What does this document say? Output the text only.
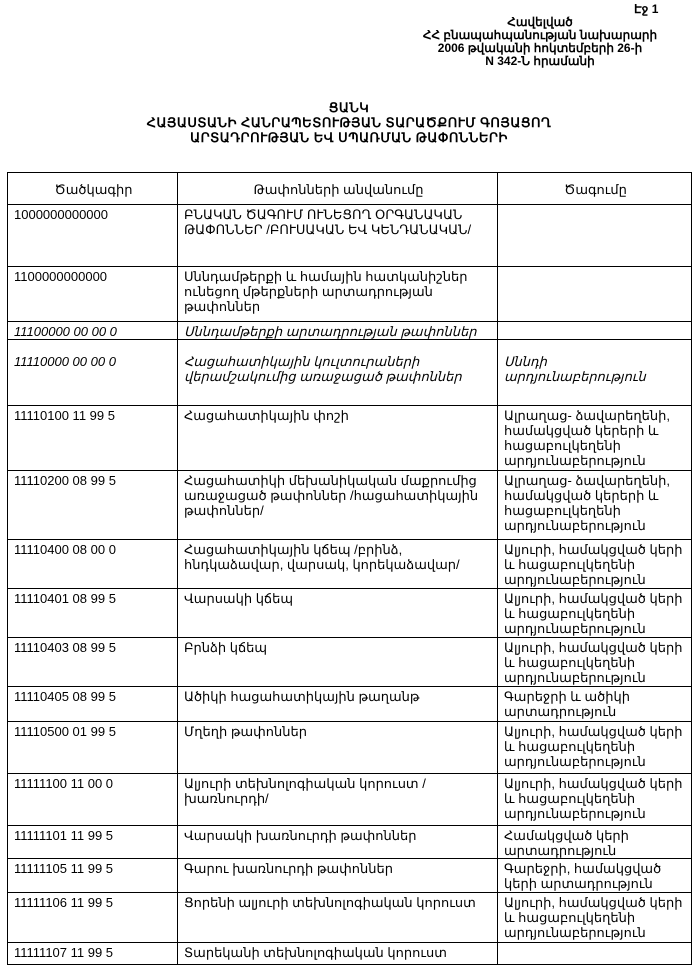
Էջ 1
Հավելված
ՀՀ բնապահպանության նախարարի
2006 թվականի հոկտեմբերի 26-ի
N 342-Ն հրամանի
ՑԱՆԿ
ՀԱՅԱՍՏԱՆԻ ՀԱՆՐԱՊԵՏՈՒԹՅԱՆ ՏԱՐԱԾՔՈՒՄ ԳՈՅԱՑՈՂ
ԱՐՏԱԴՐՈՒԹՅԱՆ ԵՎ ՍՊԱՌՄԱՆ ԹԱՓՈՆՆԵՐԻ
Ծածկագիր	Թափոնների անվանումը	Ծագումը
1000000000000	ԲՆԱԿԱՆ ԾԱԳՈՒՄ ՈՒՆԵՑՈՂ ՕՐԳԱՆԱԿԱՆ ԹԱՓՈՆՆԵՐ /ԲՈՒՍԱԿԱՆ ԵՎ ԿԵՆԴԱՆԱԿԱՆ/	
1100000000000	Սննդամթերքի և համային հատկանիշներ ունեցող մթերքների արտադրության թափոններ	
11100000 00 00 0	Սննդամթերքի արտադրության թափոններ	
11110000 00 00 0	Հացահատիկային կուլտուրաների վերամշակումից առաջացած թափոններ	Սննդի արդյունաբերություն
11110100 11 99 5	Հացահատիկային փոշի	Ալրաղաց- ձավարեղենի, համակցված կերերի և հացաբուլկեղենի արդյունաբերություն
11110200 08 99 5	Հացահատիկի մեխանիկական մաքրումից առաջացած թափոններ /հացահատիկային թափոններ/	Ալրաղաց- ձավարեղենի, համակցված կերերի և հացաբուլկեղենի արդյունաբերություն
11110400 08 00 0	Հացահատիկային կճեպ /բրինձ, հնդկաձավար, վարսակ, կորեկաձավար/	Ալյուրի, համակցված կերի և հացաբուլկեղենի արդյունաբերություն
11110401 08 99 5	Վարսակի կճեպ	Ալյուրի, համակցված կերի և հացաբուլկեղենի արդյունաբերություն
11110403 08 99 5	Բրնձի կճեպ	Ալյուրի, համակցված կերի և հացաբուլկեղենի արդյունաբերություն
11110405 08 99 5	Ածիկի հացահատիկային թաղանթ	Գարեջրի և ածիկի արտադրություն
11110500 01 99 5	Մղեղի թափոններ	Ալյուրի, համակցված կերի և հացաբուլկեղենի արդյունաբերություն
11111100 11 00 0	Ալյուրի տեխնոլոգիական կորուստ /խառնուրդի/	Ալյուրի, համակցված կերի և հացաբուլկեղենի արդյունաբերություն
11111101 11 99 5	Վարսակի խառնուրդի թափոններ	Համակցված կերի արտադրություն
11111105 11 99 5	Գարու խառնուրդի թափոններ	Գարեջրի, համակցված կերի արտադրություն
11111106 11 99 5	Ցորենի ալյուրի տեխնոլոգիական կորուստ	Ալյուրի, համակցված կերի և հացաբուլկեղենի արդյունաբերություն
11111107 11 99 5	Տարեկանի տեխնոլոգիական կորուստ	
